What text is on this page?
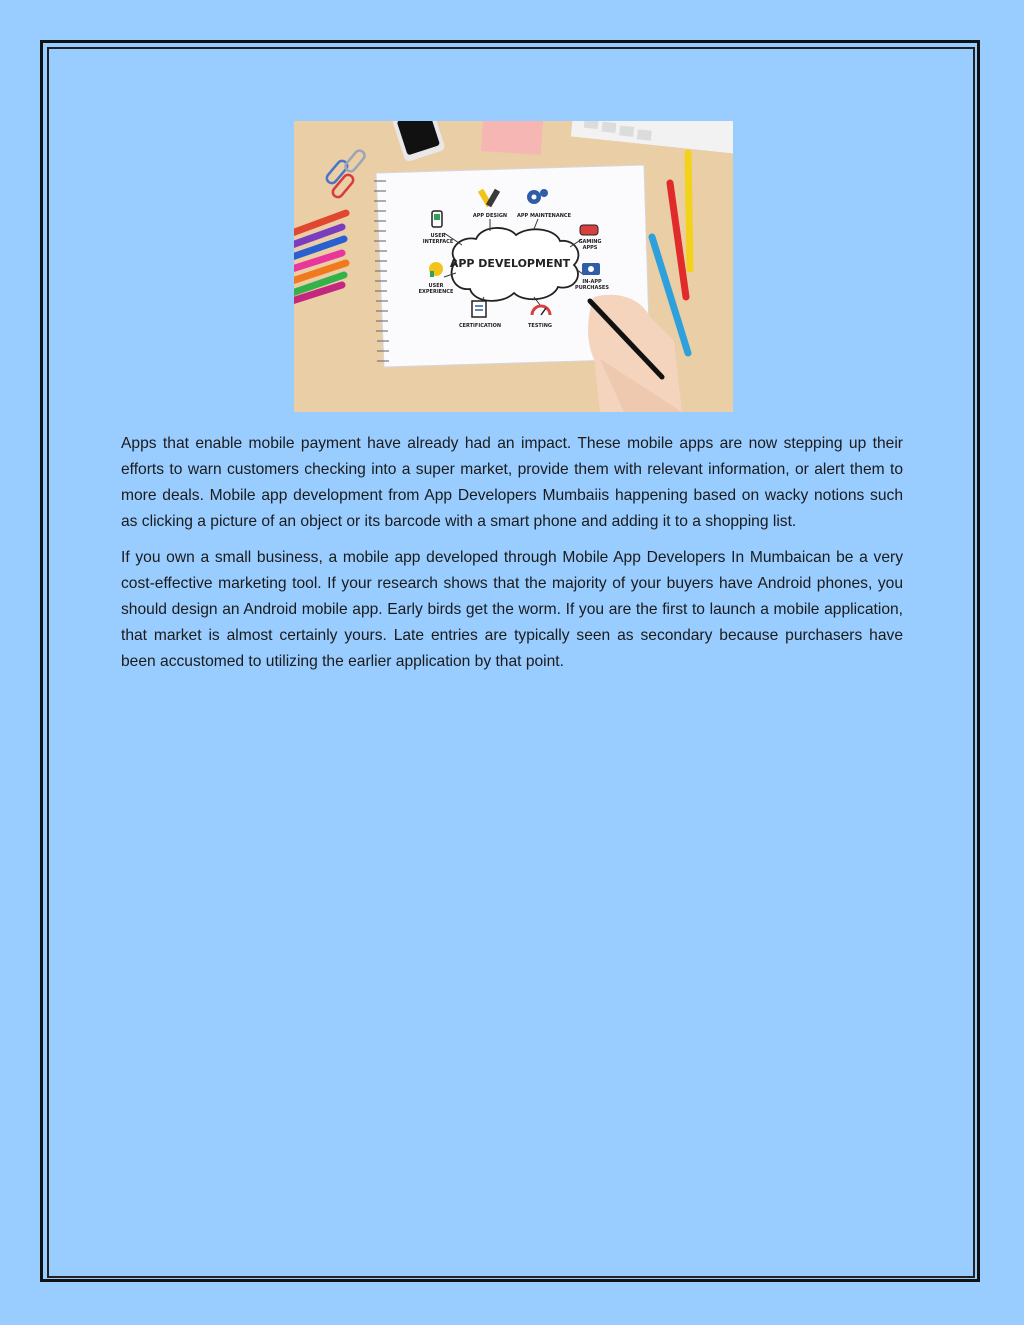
APP DEVELOPMENT
APP DESIGN APP MAINTENANCE
USER
INTERFACE	GAMING
APPS
USER
EXPERIENCE
IN-APP
PURCHASES
CERTIFICATION	TESTING

Apps that enable mobile payment have already had an impact. These mobile apps are now stepping up their efforts to warn customers checking into a super market, provide them with relevant information, or alert them to more deals. Mobile app development from App Developers Mumbaiis happening based on wacky notions such as clicking a picture of an object or its barcode with a smart phone and adding it to a shopping list.

If you own a small business, a mobile app developed through Mobile App Developers In Mumbaican be a very cost-effective marketing tool. If your research shows that the majority of your buyers have Android phones, you should design an Android mobile app. Early birds get the worm. If you are the first to launch a mobile application, that market is almost certainly yours. Late entries are typically seen as secondary because purchasers have been accustomed to utilizing the earlier application by that point.
